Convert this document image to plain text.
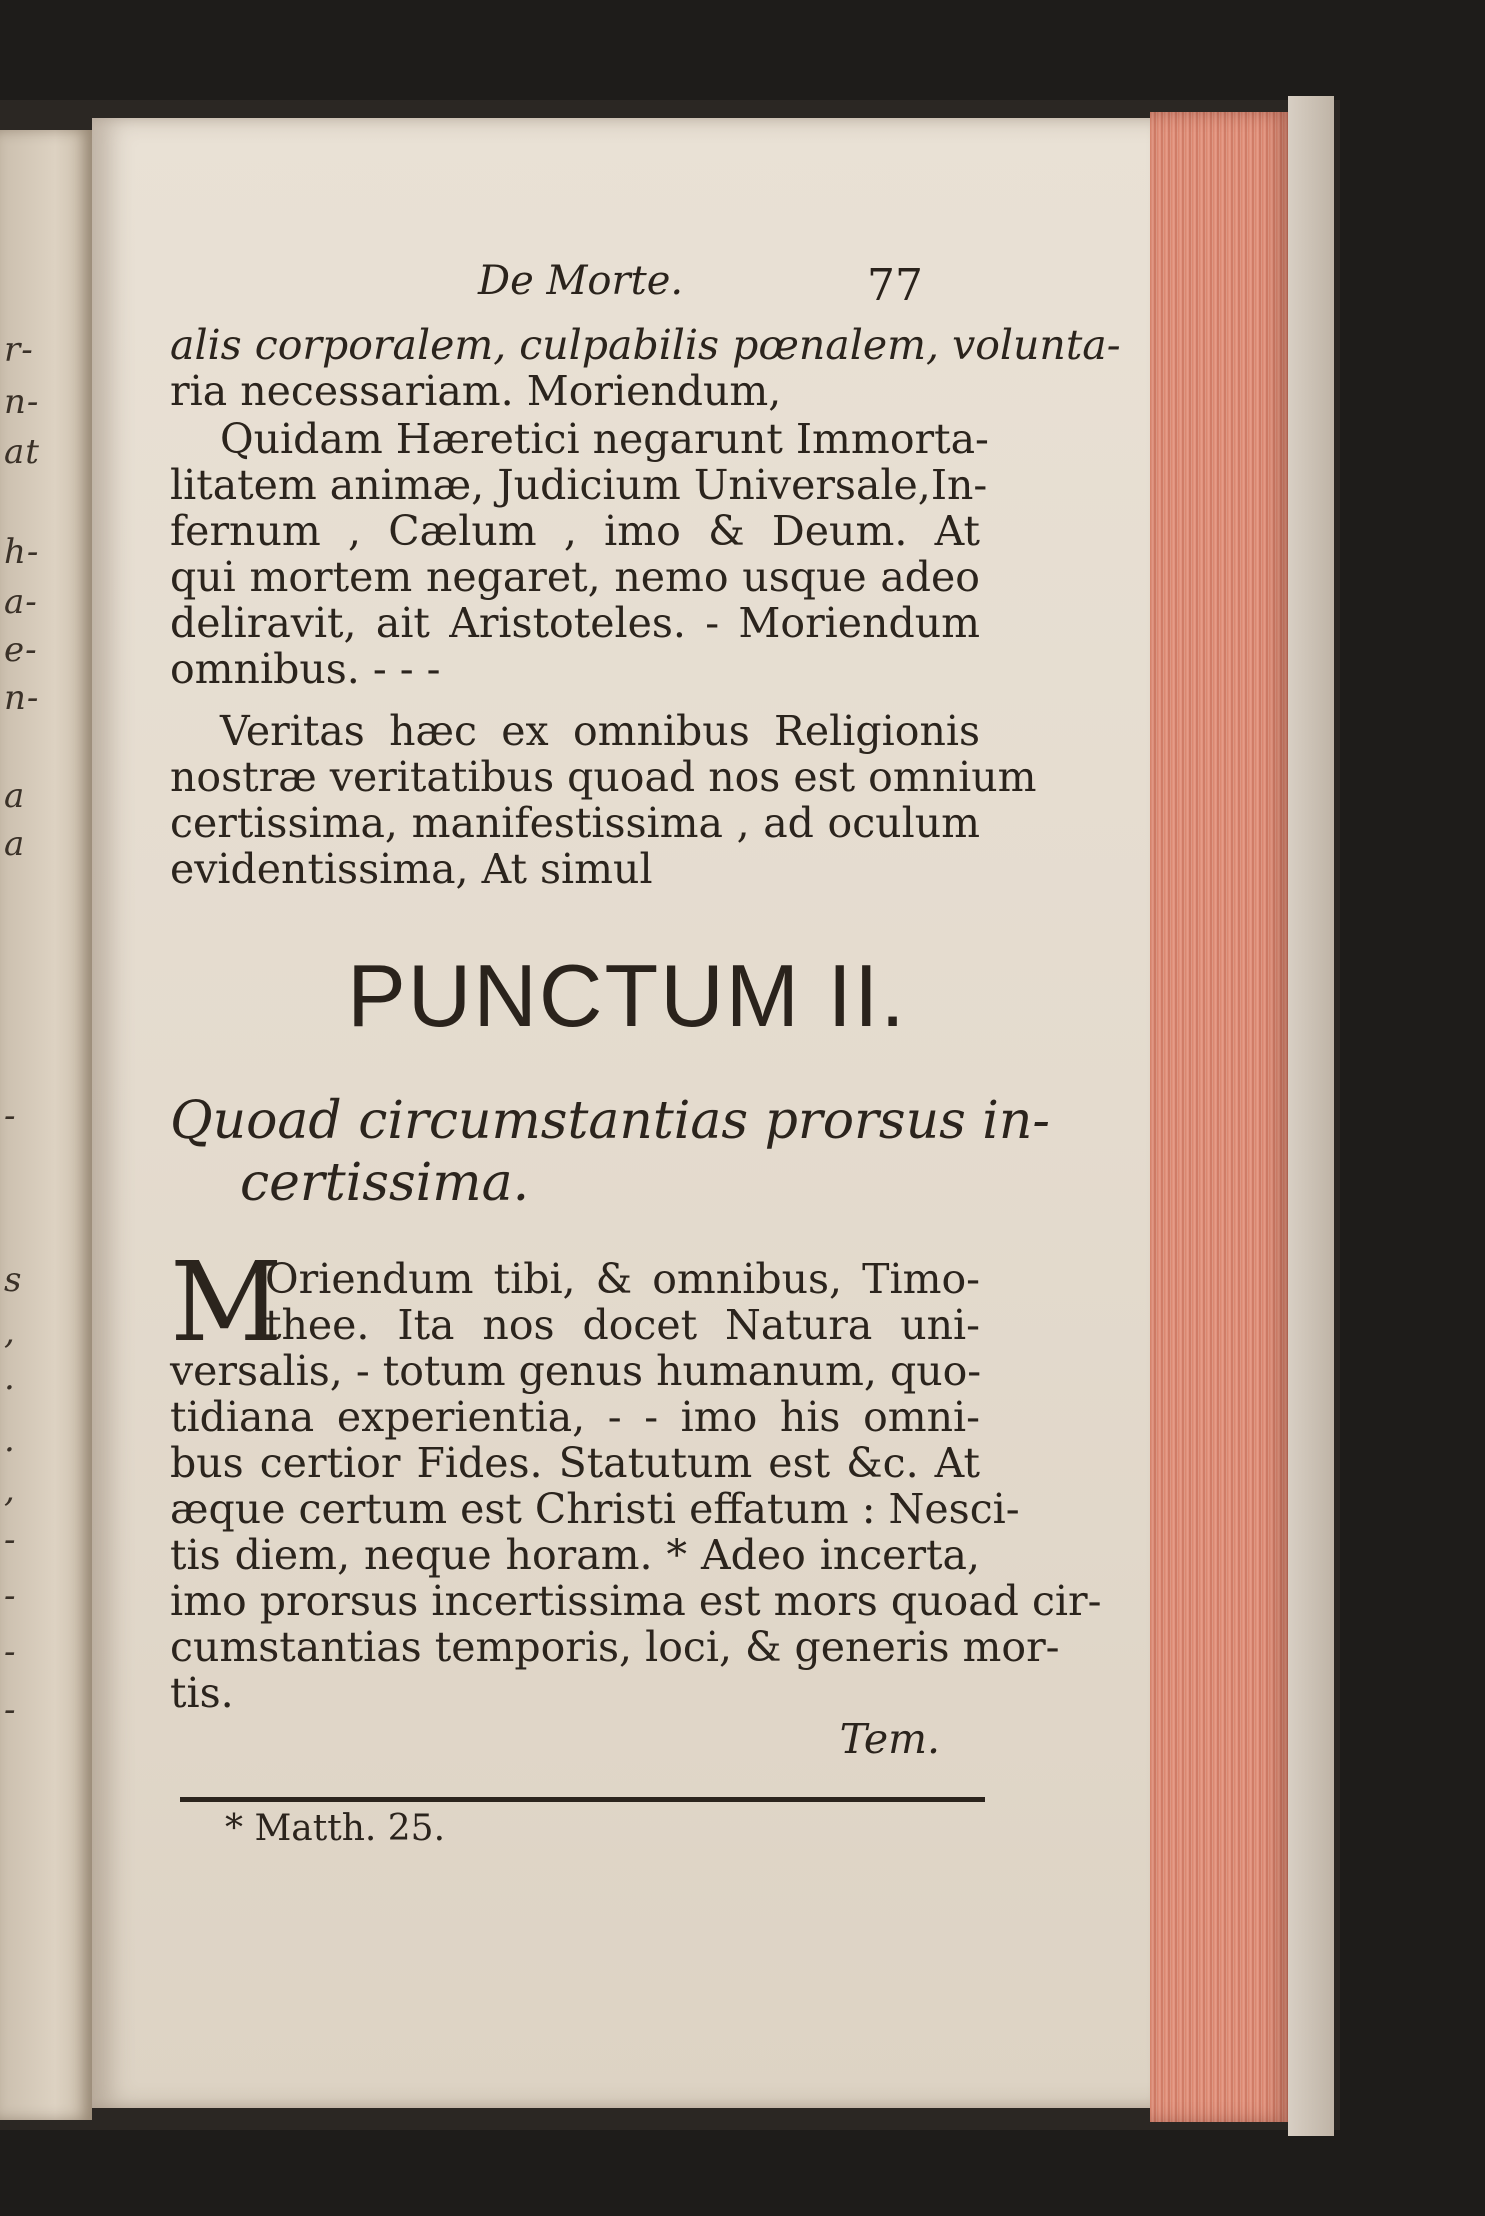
r-
n-
at
h-
a-
e-
n-
a
a
-
s
,
.
.
,
-
-
-
-
De Morte.	77
alis corporalem, culpabilis pœnalem, volunta-
ria necessariam. Moriendum,
Quidam Hæretici negarunt Immorta-
litatem animæ, Judicium Universale,In-
fernum , Cælum , imo & Deum. At
qui mortem negaret, nemo usque adeo
deliravit, ait Aristoteles. - Moriendum
omnibus. - - -
Veritas hæc ex omnibus Religionis
nostræ veritatibus quoad nos est omnium
certissima, manifestissima , ad oculum
evidentissima, At simul
PUNCTUM II.
Quoad circumstantias prorsus in-
certissima.
M
Oriendum tibi, & omnibus, Timo-
thee. Ita nos docet Natura uni-
versalis, - totum genus humanum, quo-
tidiana experientia, - - imo his omni-
bus certior Fides. Statutum est &c. At
æque certum est Christi effatum : Nesci-
tis diem, neque horam. * Adeo incerta,
imo prorsus incertissima est mors quoad cir-
cumstantias temporis, loci, & generis mor-
tis.
Tem.
* Matth. 25.
